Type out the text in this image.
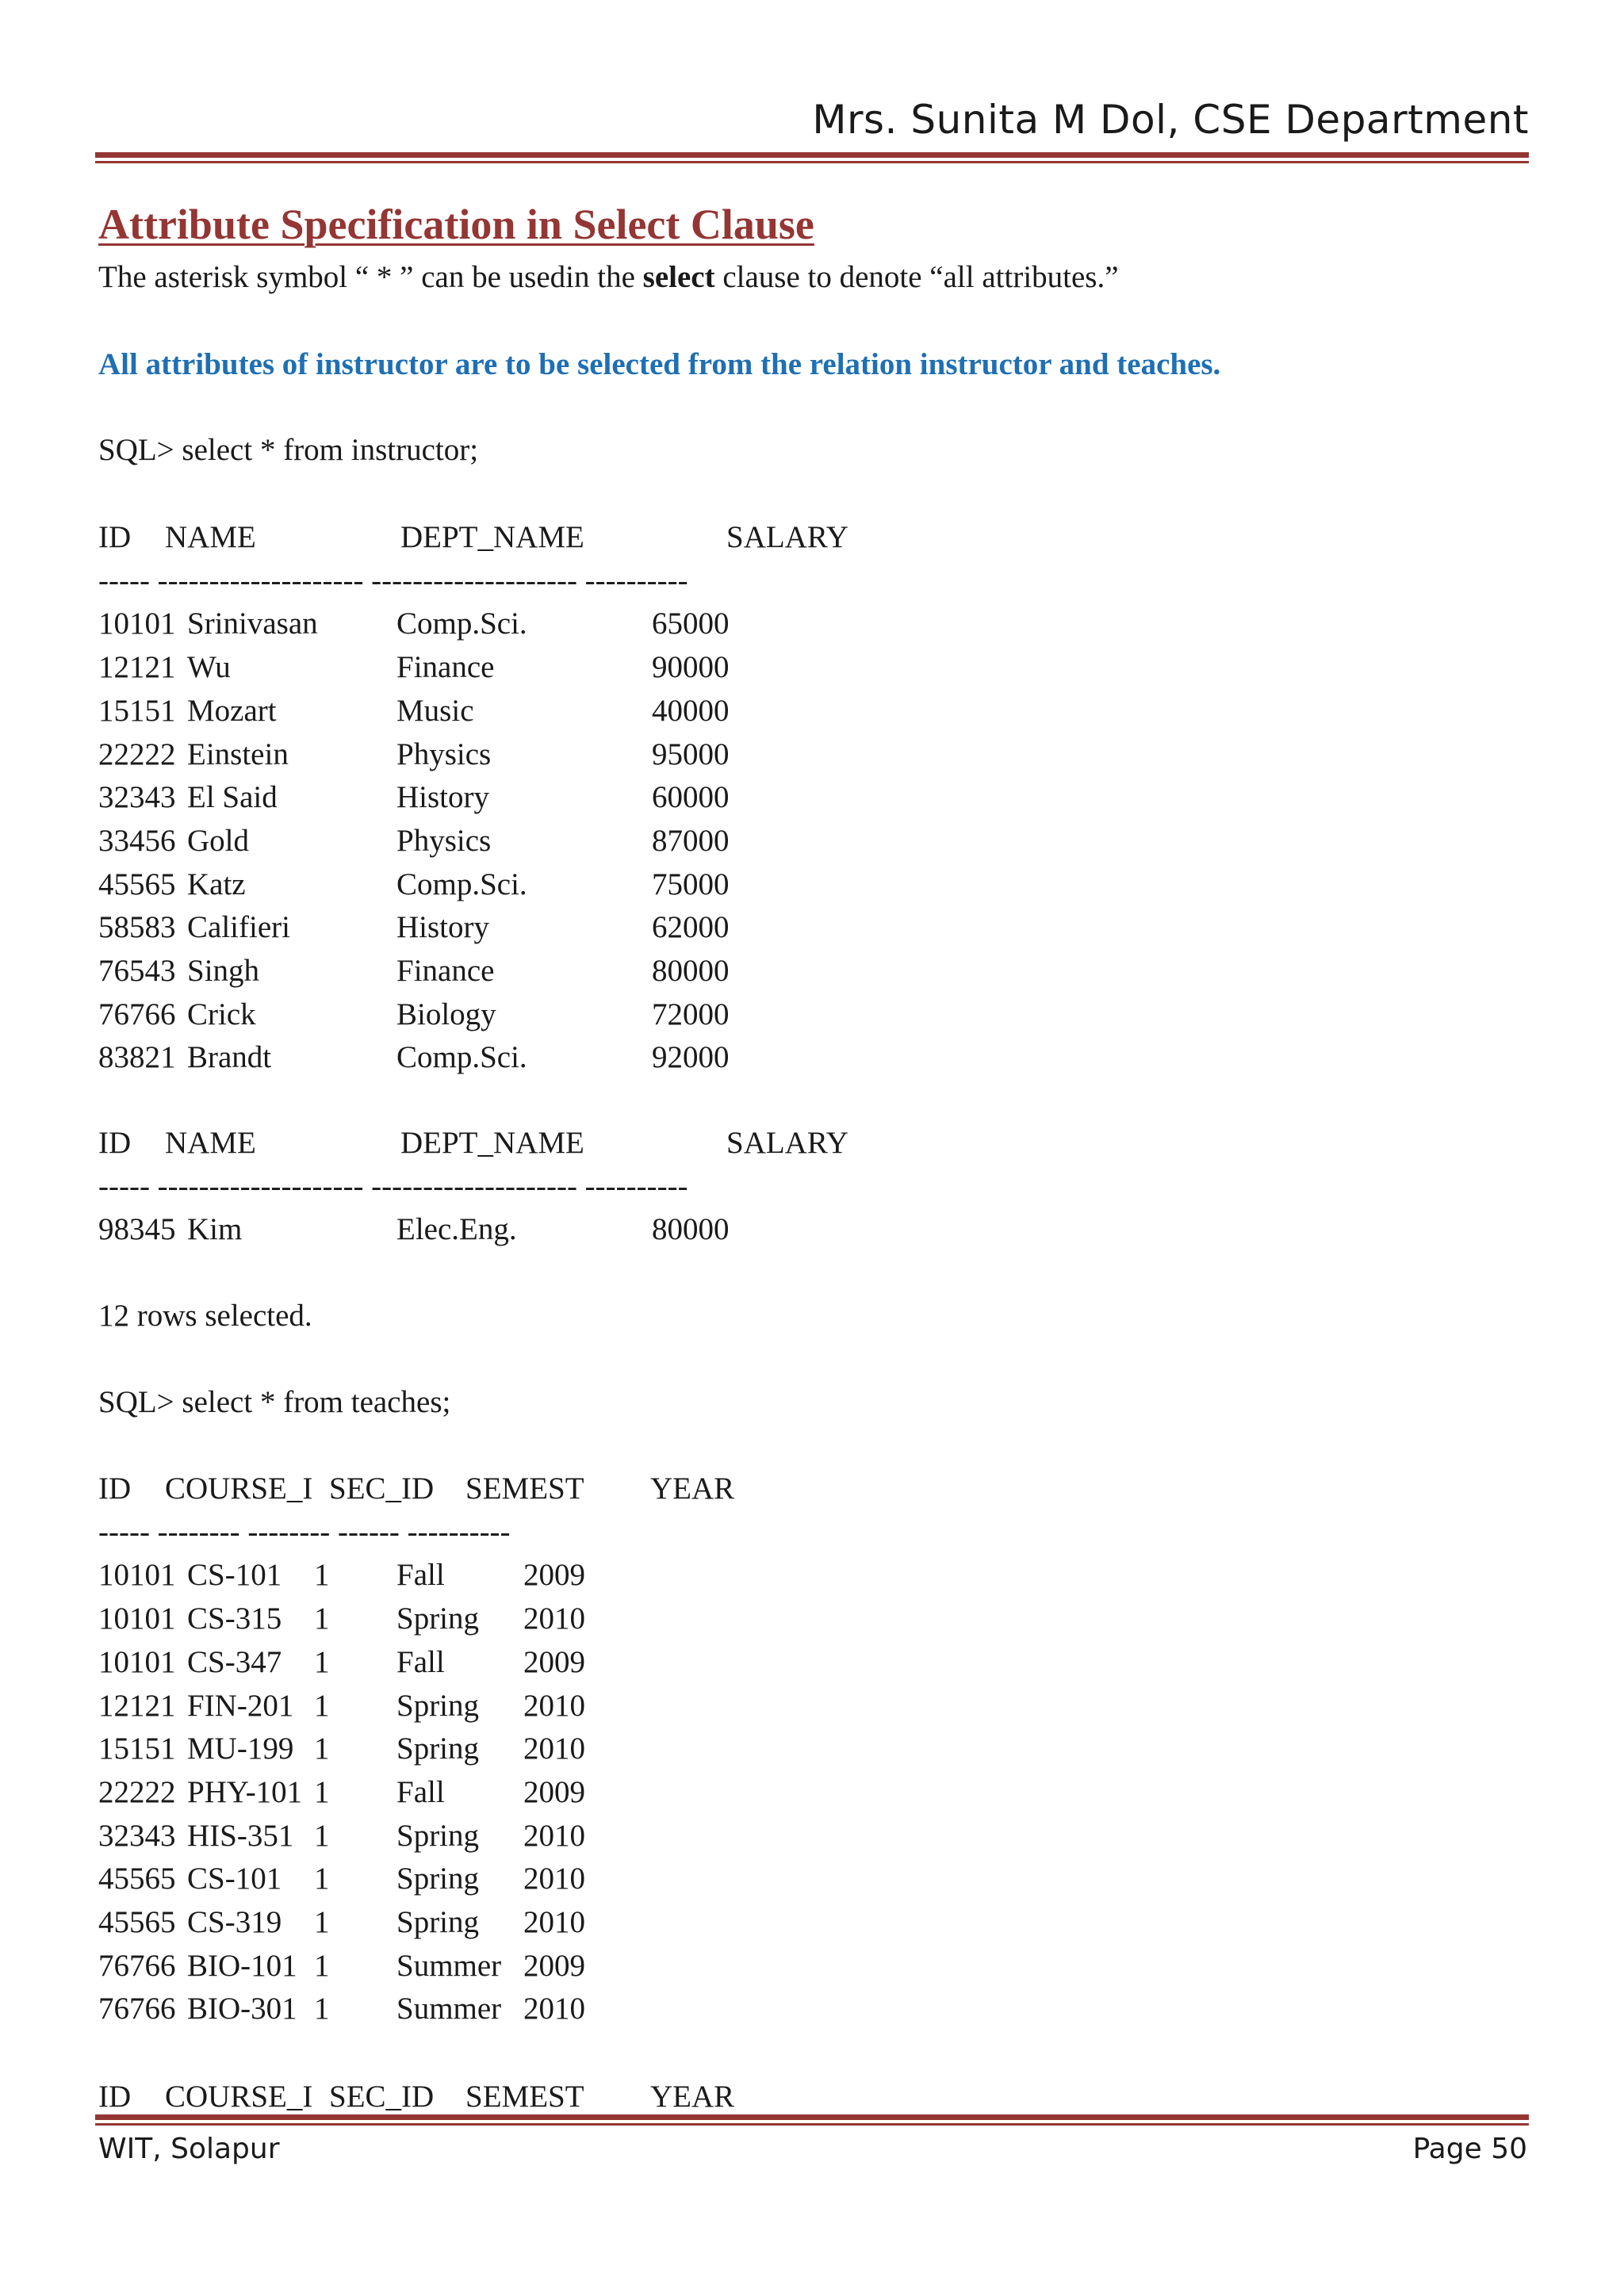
Mrs. Sunita M Dol, CSE Department
Attribute Specification in Select Clause
The asterisk symbol “ * ” can be usedin the select clause to denote “all attributes.”
All attributes of instructor are to be selected from the relation instructor and teaches.
SQL> select * from instructor;
ID NAME	DEPT_NAME	SALARY
----- -------------------- -------------------- ----------
10101 Srinivasan	Comp.Sci.	65000
12121 Wu	Finance	90000
15151 Mozart	Music	40000
22222 Einstein	Physics	95000
32343 El Said	History	60000
33456 Gold	Physics	87000
45565 Katz	Comp.Sci.	75000
58583 Califieri	History	62000
76543 Singh	Finance	80000
76766 Crick	Biology	72000
83821 Brandt	Comp.Sci.	92000
ID NAME	DEPT_NAME	SALARY
----- -------------------- -------------------- ----------
98345 Kim	Elec.Eng.	80000
12 rows selected.
SQL> select * from teaches;
ID COURSE_I SEC_ID SEMEST YEAR
----- -------- -------- ------ ----------
10101 CS-101 1 Fall	2009
10101 CS-315 1 Spring 2010
10101 CS-347 1 Fall	2009
12121 FIN-201 1 Spring 2010
15151 MU-199 1 Spring 2010
22222 PHY-101 1 Fall	2009
32343 HIS-351 1 Spring 2010
45565 CS-101 1 Spring 2010
45565 CS-319 1 Spring 2010
76766 BIO-101 1 Summer 2009
76766 BIO-301 1 Summer 2010
ID COURSE_I SEC_ID SEMEST YEAR
WIT, Solapur	Page 50
